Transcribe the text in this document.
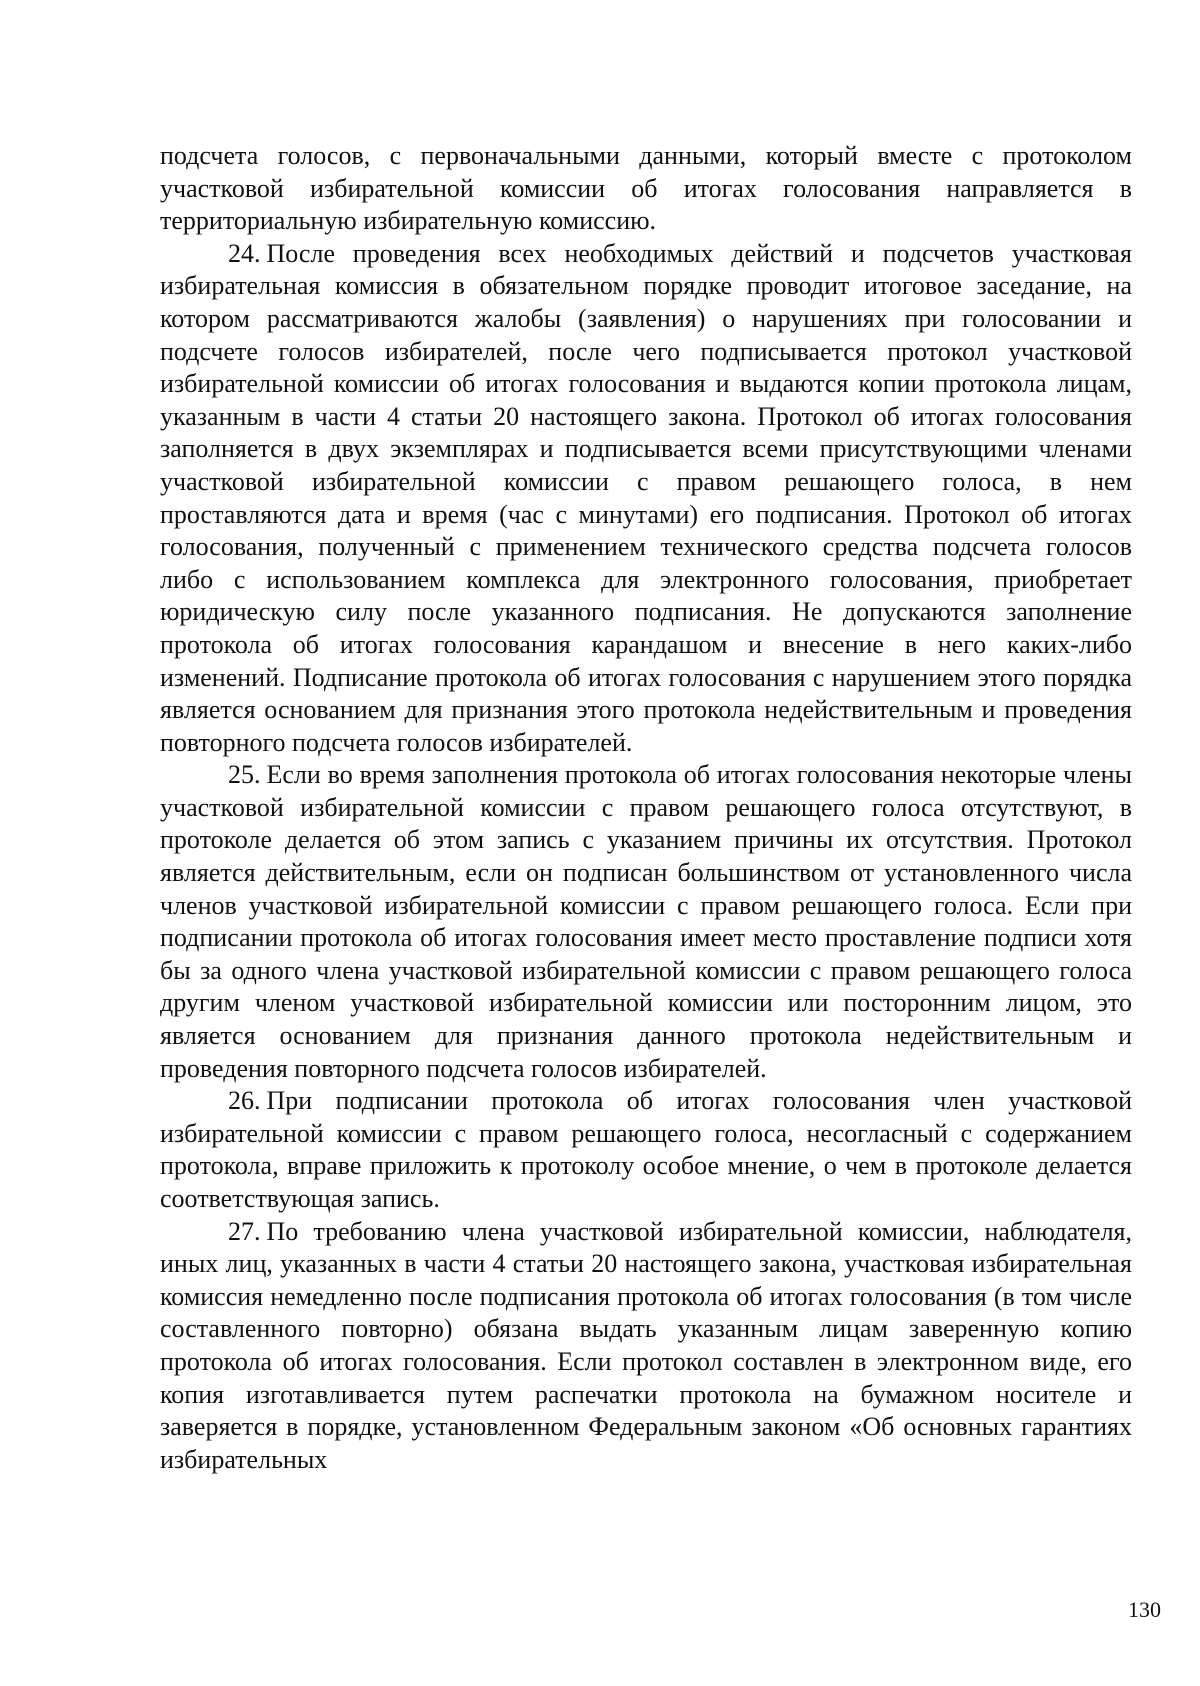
подсчета голосов, с первоначальными данными, который вместе с протоколом участковой избирательной комиссии об итогах голосования направляется в территориальную избирательную комиссию.

24. После проведения всех необходимых действий и подсчетов участковая избирательная комиссия в обязательном порядке проводит итоговое заседание, на котором рассматриваются жалобы (заявления) о нарушениях при голосовании и подсчете голосов избирателей, после чего подписывается протокол участковой избирательной комиссии об итогах голосования и выдаются копии протокола лицам, указанным в части 4 статьи 20 настоящего закона. Протокол об итогах голосования заполняется в двух экземплярах и подписывается всеми присутствующими членами участковой избирательной комиссии с правом решающего голоса, в нем проставляются дата и время (час с минутами) его подписания. Протокол об итогах голосования, полученный с применением технического средства подсчета голосов либо с использованием комплекса для электронного голосования, приобретает юридическую силу после указанного подписания. Не допускаются заполнение протокола об итогах голосования карандашом и внесение в него каких-либо изменений. Подписание протокола об итогах голосования с нарушением этого порядка является основанием для признания этого протокола недействительным и проведения повторного подсчета голосов избирателей.

25. Если во время заполнения протокола об итогах голосования некоторые члены участковой избирательной комиссии с правом решающего голоса отсутствуют, в протоколе делается об этом запись с указанием причины их отсутствия. Протокол является действительным, если он подписан большинством от установленного числа членов участковой избирательной комиссии с правом решающего голоса. Если при подписании протокола об итогах голосования имеет место проставление подписи хотя бы за одного члена участковой избирательной комиссии с правом решающего голоса другим членом участковой избирательной комиссии или посторонним лицом, это является основанием для признания данного протокола недействительным и проведения повторного подсчета голосов избирателей.

26. При подписании протокола об итогах голосования член участковой избирательной комиссии с правом решающего голоса, несогласный с содержанием протокола, вправе приложить к протоколу особое мнение, о чем в протоколе делается соответствующая запись.

27. По требованию члена участковой избирательной комиссии, наблюдателя, иных лиц, указанных в части 4 статьи 20 настоящего закона, участковая избирательная комиссия немедленно после подписания протокола об итогах голосования (в том числе составленного повторно) обязана выдать указанным лицам заверенную копию протокола об итогах голосования. Если протокол составлен в электронном виде, его копия изготавливается путем распечатки протокола на бумажном носителе и заверяется в порядке, установленном Федеральным законом «Об основных гарантиях избирательных

130
